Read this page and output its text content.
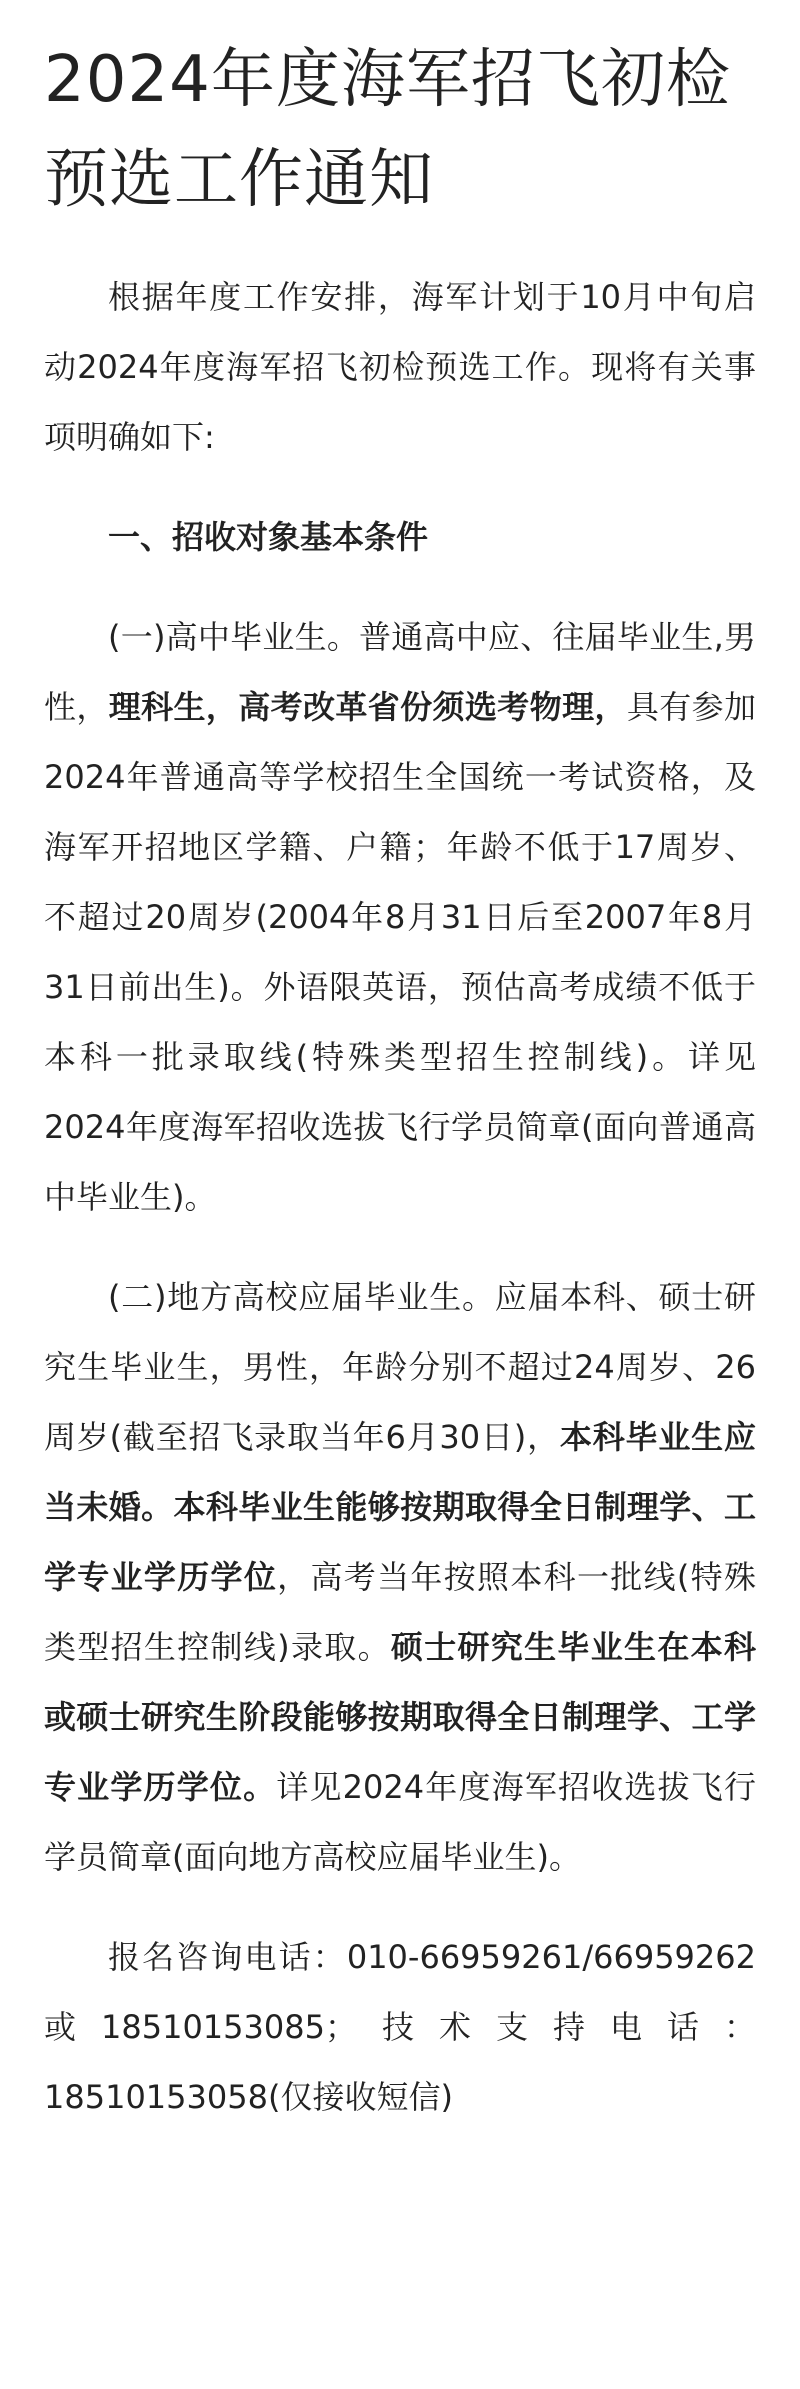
2024年度海军招飞初检预选工作通知

根据年度工作安排，海军计划于10月中旬启动2024年度海军招飞初检预选工作。现将有关事项明确如下:

一、招收对象基本条件

(一)高中毕业生。普通高中应、往届毕业生,男性，理科生，高考改革省份须选考物理，具有参加2024年普通高等学校招生全国统一考试资格，及海军开招地区学籍、户籍；年龄不低于17周岁、不超过20周岁(2004年8月31日后至2007年8月31日前出生)。外语限英语，预估高考成绩不低于本科一批录取线(特殊类型招生控制线)。详见2024年度海军招收选拔飞行学员简章(面向普通高中毕业生)。

(二)地方高校应届毕业生。应届本科、硕士研究生毕业生，男性，年龄分别不超过24周岁、26周岁(截至招飞录取当年6月30日)，本科毕业生应当未婚。本科毕业生能够按期取得全日制理学、工学专业学历学位，高考当年按照本科一批线(特殊类型招生控制线)录取。硕士研究生毕业生在本科或硕士研究生阶段能够按期取得全日制理学、工学专业学历学位。详见2024年度海军招收选拔飞行学员简章(面向地方高校应届毕业生)。

报名咨询电话：010-66959261/66959262或18510153085；技术支持电话：18510153058(仅接收短信)
